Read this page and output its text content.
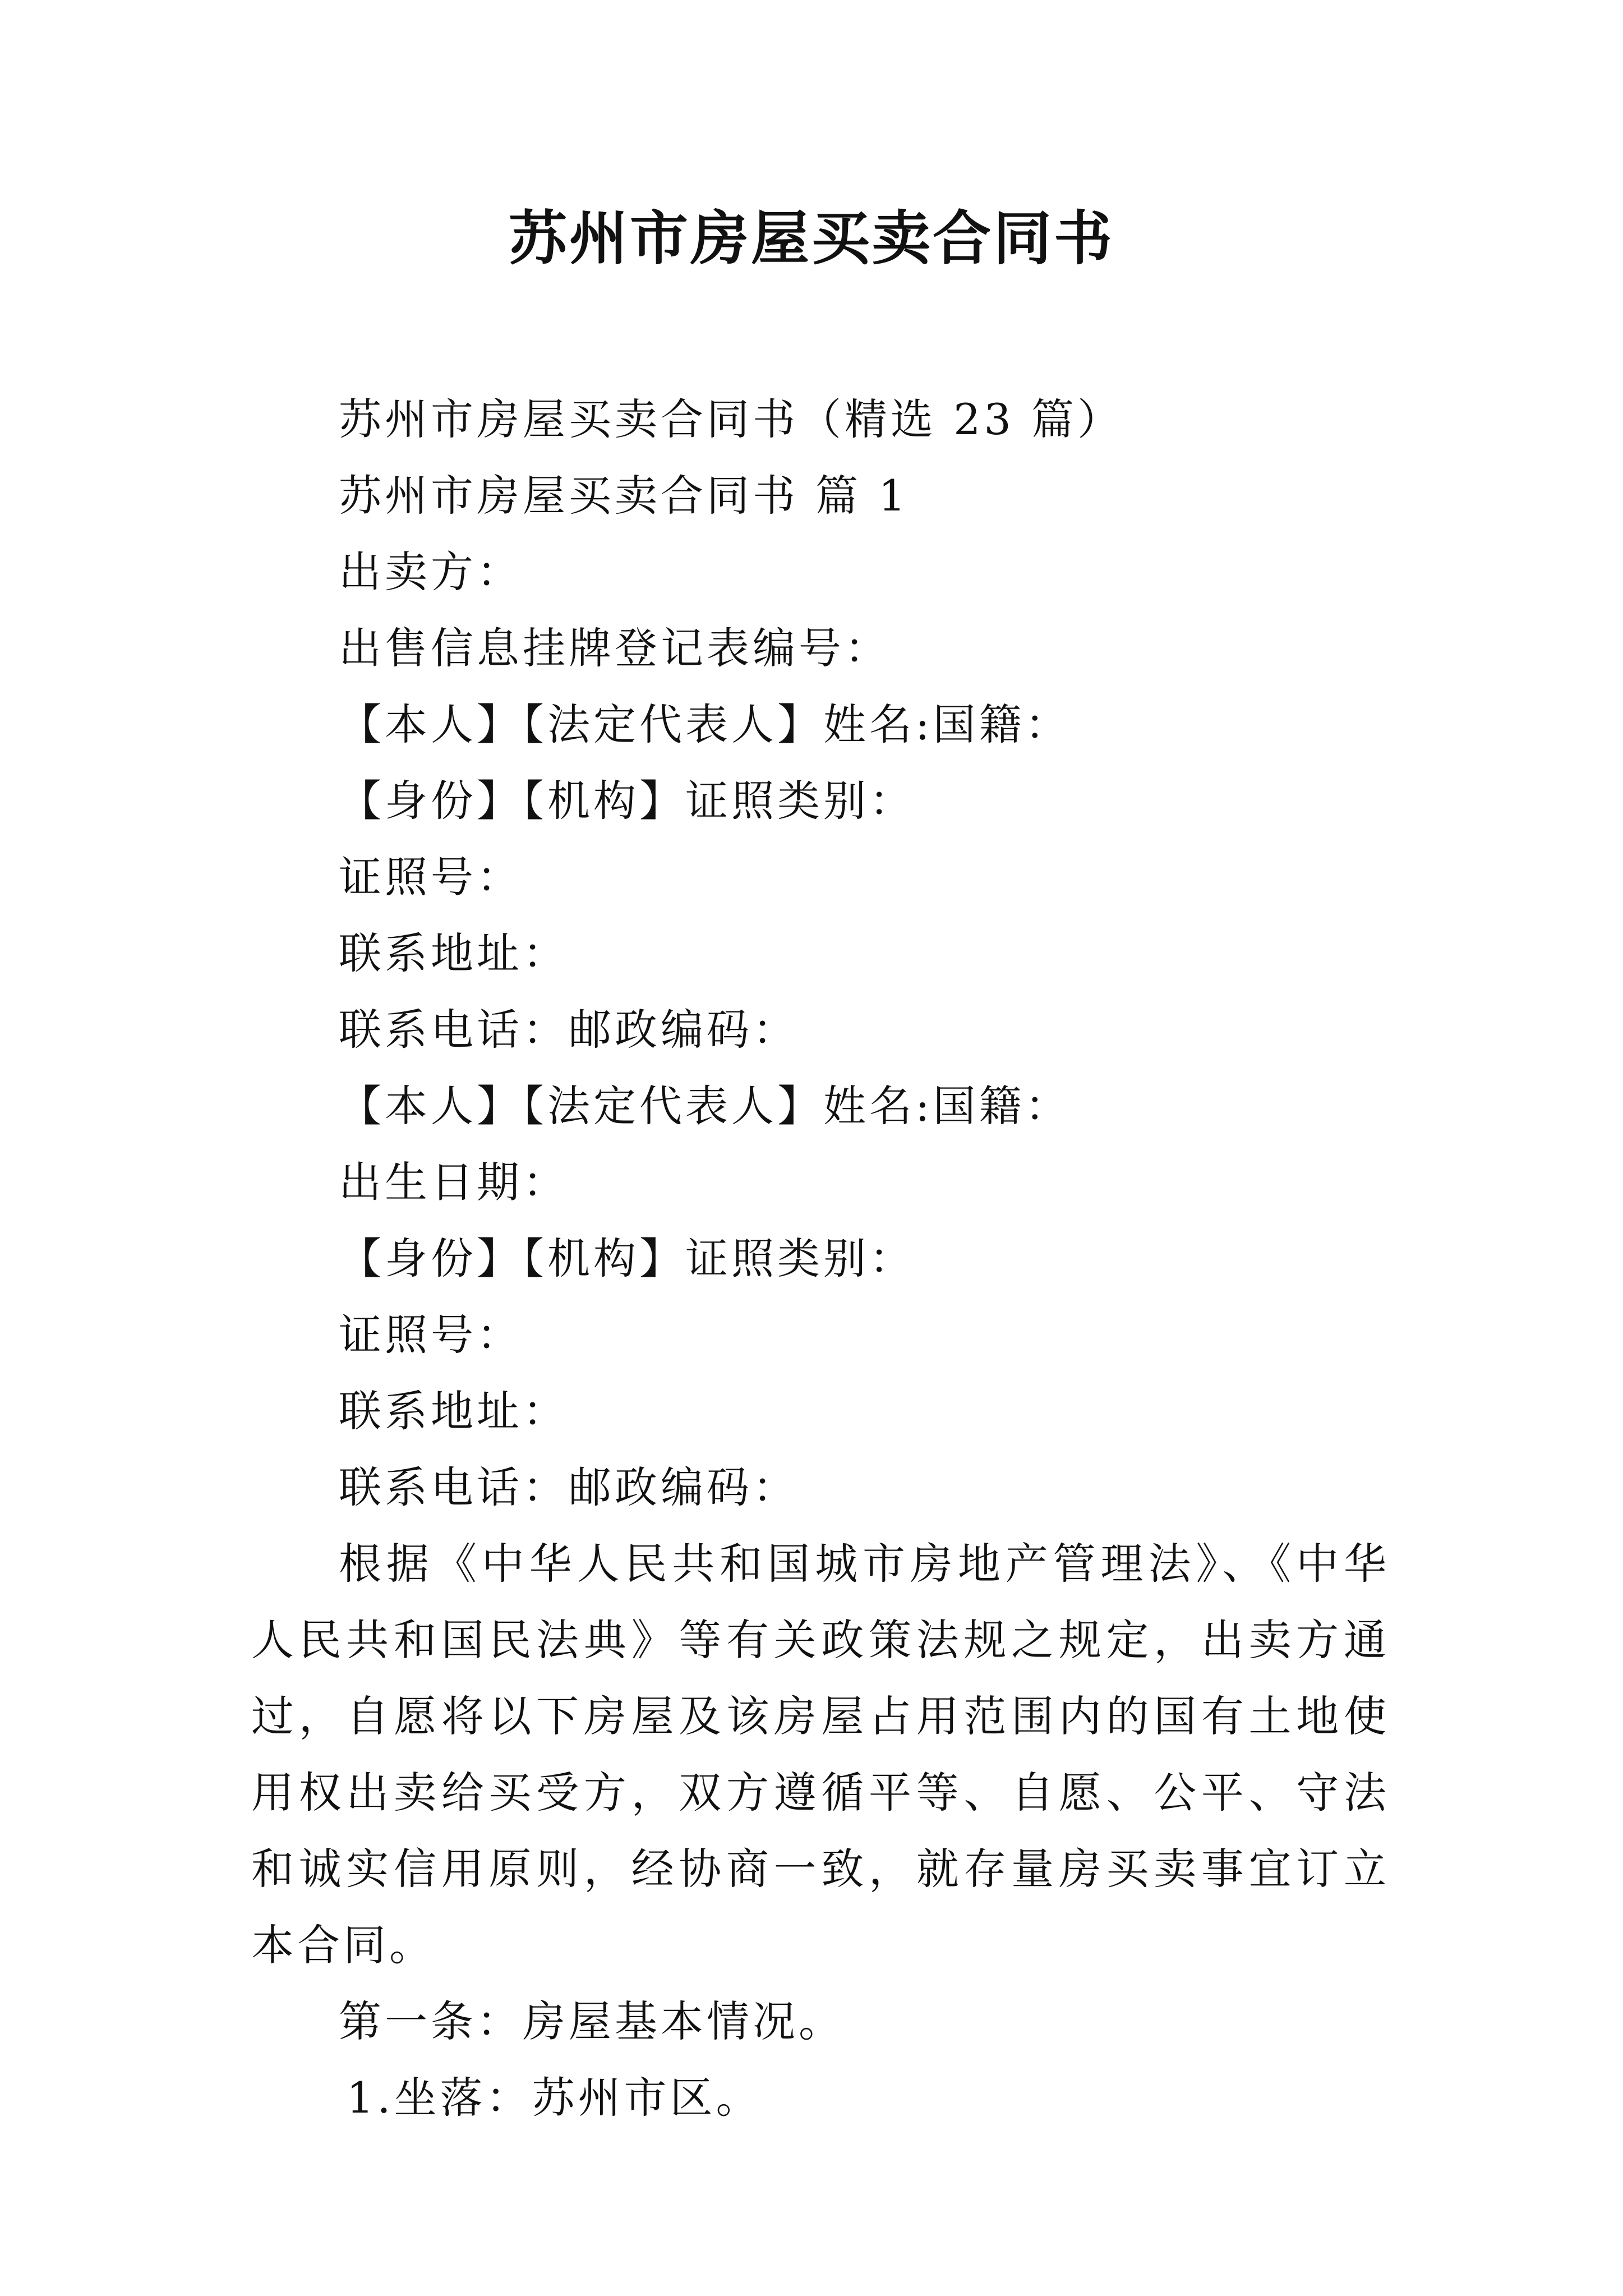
苏州市房屋买卖合同书
苏州市房屋买卖合同书（精选 23 篇）
苏州市房屋买卖合同书 篇 1
出卖方：
出售信息挂牌登记表编号：
【本人】【法定代表人】姓名:国籍：
【身份】【机构】证照类别：
证照号：
联系地址：
联系电话：邮政编码：
【本人】【法定代表人】姓名:国籍：
出生日期：
【身份】【机构】证照类别：
证照号：
联系地址：
联系电话：邮政编码：

根据《中华人民共和国城市房地产管理法》、《中华人民共和国民法典》等有关政策法规之规定，出卖方通过，自愿将以下房屋及该房屋占用范围内的国有土地使用权出卖给买受方，双方遵循平等、自愿、公平、守法和诚实信用原则，经协商一致，就存量房买卖事宜订立本合同。

第一条：房屋基本情况。
1.坐落：苏州市区。
